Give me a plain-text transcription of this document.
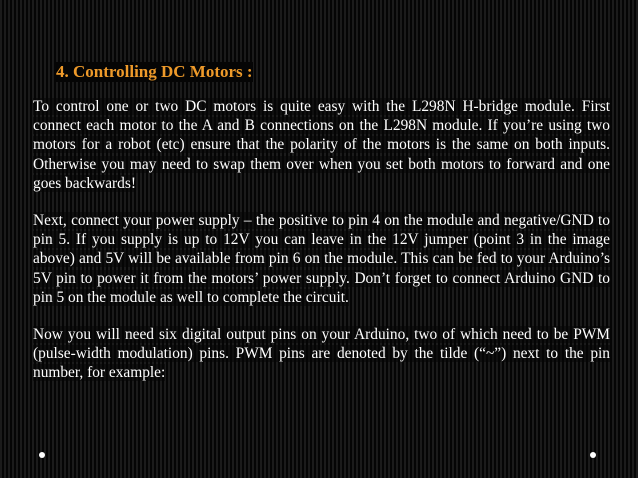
4. Controlling DC Motors :

To control one or two DC motors is quite easy with the L298N H-bridge module. First connect each motor to the A and B connections on the L298N module. If you’re using two motors for a robot (etc) ensure that the polarity of the motors is the same on both inputs. Otherwise you may need to swap them over when you set both motors to forward and one goes backwards!

Next, connect your power supply – the positive to pin 4 on the module and negative/GND to pin 5. If you supply is up to 12V you can leave in the 12V jumper (point 3 in the image above) and 5V will be available from pin 6 on the module. This can be fed to your Arduino’s 5V pin to power it from the motors’ power supply. Don’t forget to connect Arduino GND to pin 5 on the module as well to complete the circuit.

Now you will need six digital output pins on your Arduino, two of which need to be PWM (pulse-width modulation) pins. PWM pins are denoted by the tilde (“~”) next to the pin number, for example:
